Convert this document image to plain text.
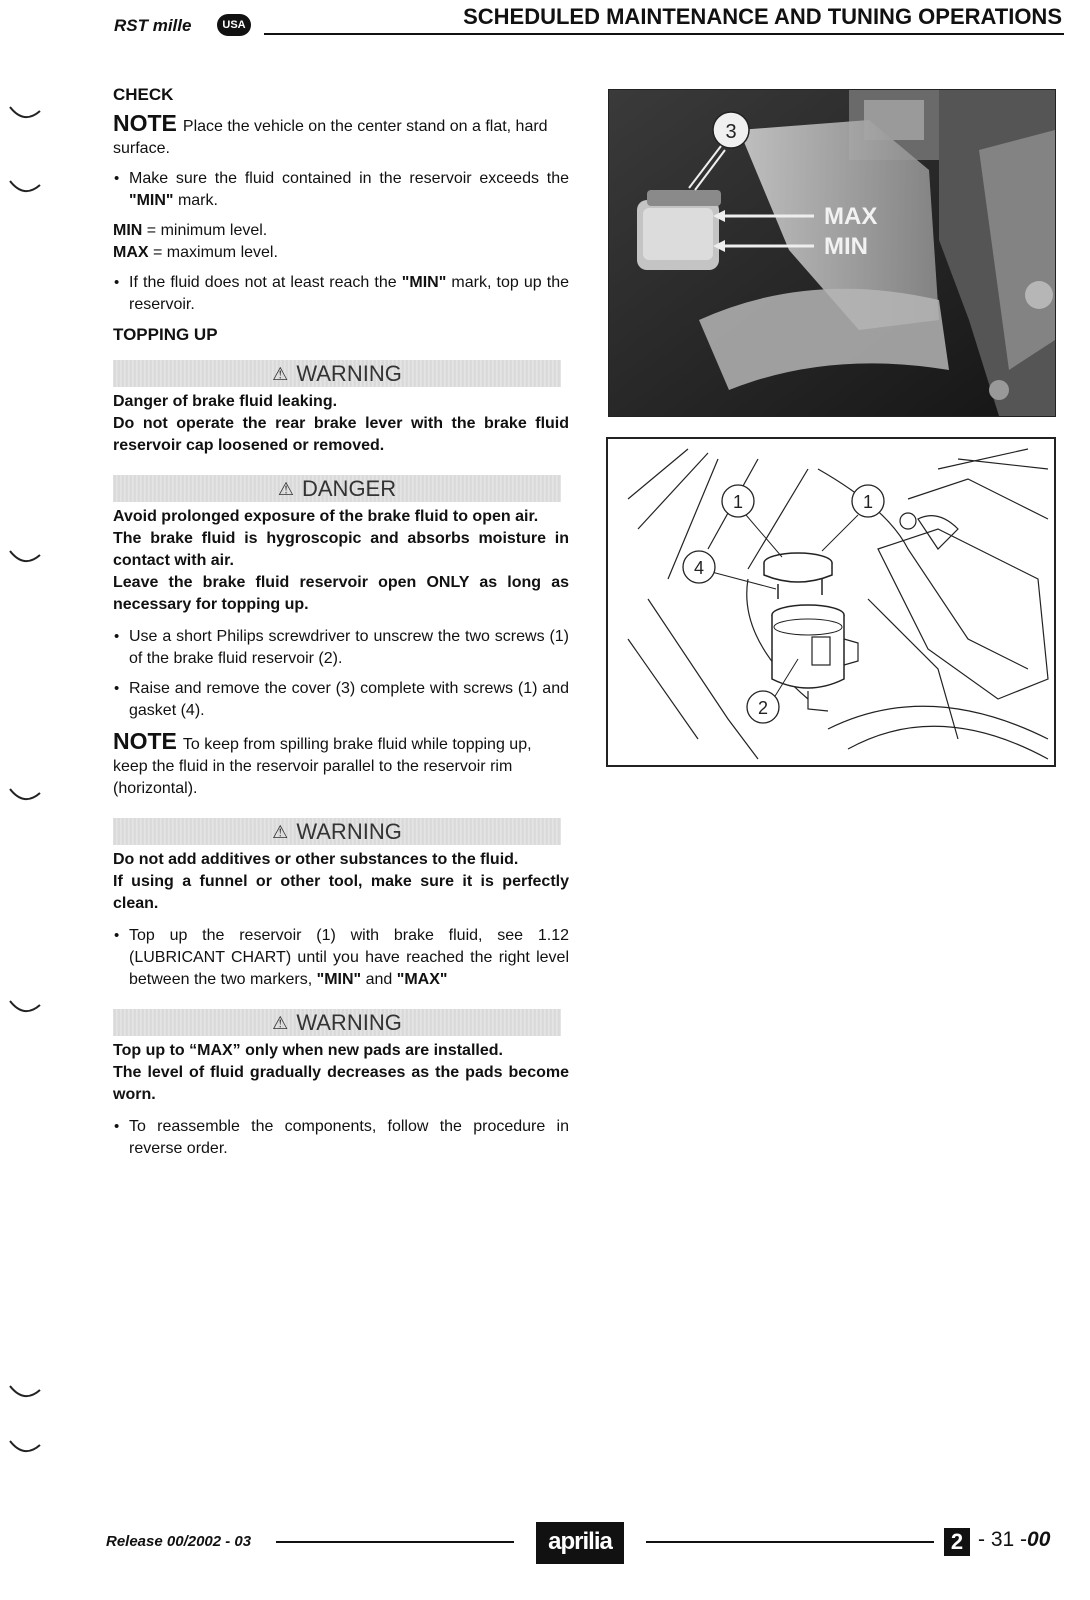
RST mille	USA	SCHEDULED MAINTENANCE AND TUNING OPERATIONS

CHECK

NOTE Place the vehicle on the center stand on a flat, hard surface.

• Make sure the fluid contained in the reservoir exceeds the "MIN" mark.

MIN = minimum level.

MAX = maximum level.

• If the fluid does not at least reach the "MIN" mark, top up the reservoir.

TOPPING UP

⚠ WARNING

Danger of brake fluid leaking.

Do not operate the rear brake lever with the brake fluid reservoir cap loosened or removed.

⚠ DANGER

Avoid prolonged exposure of the brake fluid to open air.

The brake fluid is hygroscopic and absorbs moisture in contact with air.

Leave the brake fluid reservoir open ONLY as long as necessary for topping up.

• Use a short Philips screwdriver to unscrew the two screws (1) of the brake fluid reservoir (2).

• Raise and remove the cover (3) complete with screws (1) and gasket (4).

NOTE To keep from spilling brake fluid while topping up, keep the fluid in the reservoir parallel to the reservoir rim (horizontal).

⚠ WARNING

Do not add additives or other substances to the fluid.

If using a funnel or other tool, make sure it is perfectly clean.

• Top up the reservoir (1) with brake fluid, see 1.12 (LUBRICANT CHART) until you have reached the right level between the two markers, "MIN" and "MAX"

⚠ WARNING

Top up to “MAX” only when new pads are installed.

The level of fluid gradually decreases as the pads become worn.

• To reassemble the components, follow the procedure in reverse order.

MAX
MIN
3
1	1
4
2
Release 00/2002 - 03	aprilia	2 - 31 -00
